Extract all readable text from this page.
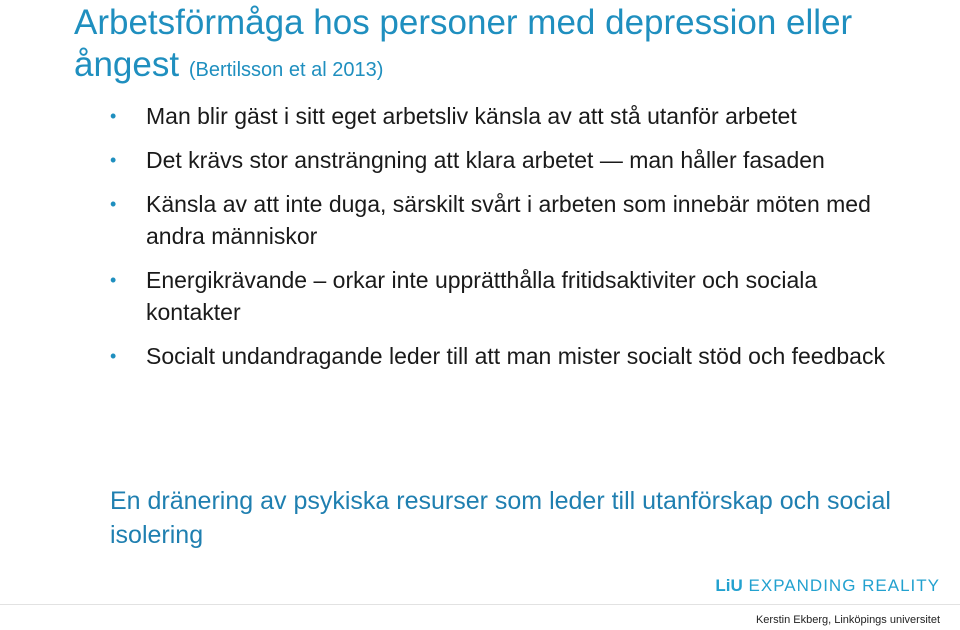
Arbetsförmåga hos personer med depression eller ångest (Bertilsson et al 2013)
• Man blir gäst i sitt eget arbetsliv känsla av att stå utanför arbetet
• Det krävs stor ansträngning att klara arbetet — man håller fasaden
• Känsla av att inte duga, särskilt svårt i arbeten som innebär möten med andra människor
• Energikrävande – orkar inte upprätthålla fritidsaktiviter och sociala kontakter
• Socialt undandragande leder till att man mister socialt stöd och feedback

En dränering av psykiska resurser som leder till utanförskap och social isolering

LiU EXPANDING REALITY
Kerstin Ekberg, Linköpings universitet
